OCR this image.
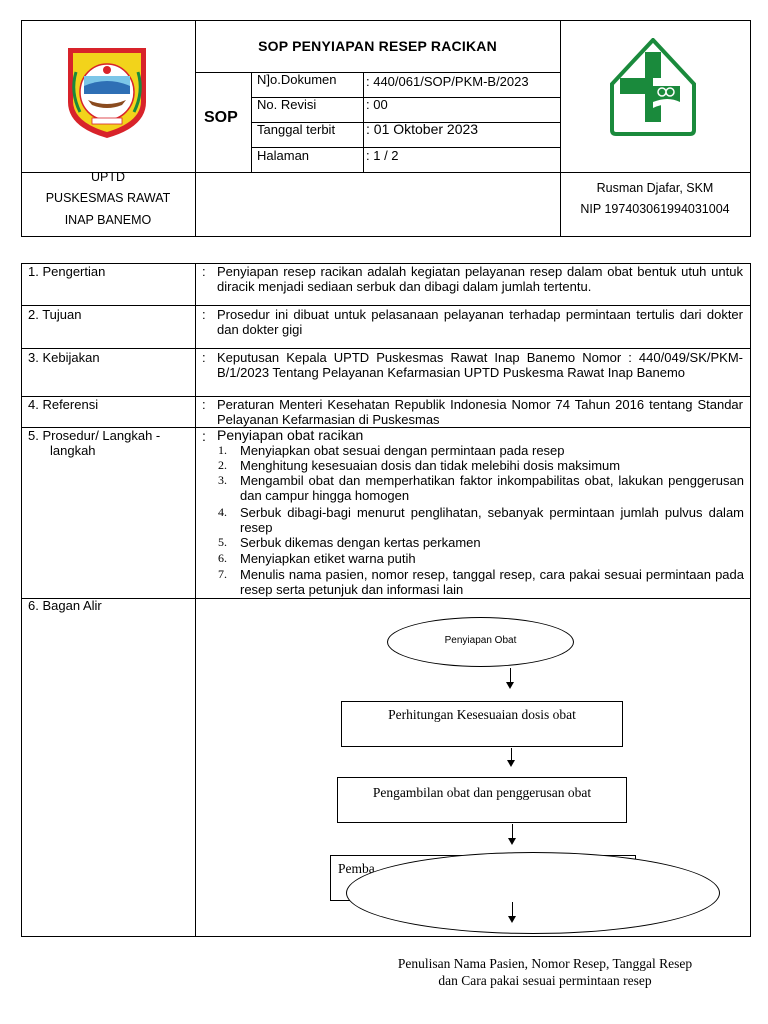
SOP PENYIAPAN RESEP RACIKAN
SOP
N]o.Dokumen : 440/061/SOP/PKM-B/2023
No. Revisi	: 00
Tanggal terbit : 01 Oktober 2023
Halaman	: 1 / 2
UPTD
PUSKESMAS RAWAT
INAP BANEMO
Rusman Djafar, SKM
NIP 197403061994031004
1. Pengertian	: Penyiapan resep racikan adalah kegiatan pelayanan resep dalam obat bentuk utuh untuk diracik menjadi sediaan serbuk dan dibagi dalam jumlah tertentu.
2. Tujuan	: Prosedur ini dibuat untuk pelasanaan pelayanan terhadap permintaan tertulis dari dokter dan dokter gigi
3. Kebijakan	: Keputusan Kepala UPTD Puskesmas Rawat Inap Banemo Nomor : 440/049/SK/PKM-B/1/2023 Tentang Pelayanan Kefarmasian UPTD Puskesma Rawat Inap Banemo
4. Referensi	: Peraturan Menteri Kesehatan Republik Indonesia Nomor 74 Tahun 2016 tentang Standar Pelayanan Kefarmasian di Puskesmas
5. Prosedur/ Langkah -
langkah
: Penyiapan obat racikan
1. Menyiapkan obat sesuai dengan permintaan pada resep
2. Menghitung kesesuaian dosis dan tidak melebihi dosis maksimum
3. Mengambil obat dan memperhatikan faktor inkompabilitas obat, lakukan penggerusan dan campur hingga homogen
4. Serbuk dibagi-bagi menurut penglihatan, sebanyak permintaan jumlah pulvus dalam resep
5. Serbuk dikemas dengan kertas perkamen
6. Menyiapkan etiket warna putih
7. Menulis nama pasien, nomor resep, tanggal resep, cara pakai sesuai permintaan pada resep serta petunjuk dan informasi lain
6. Bagan Alir
Penyiapan Obat
Perhitungan Kesesuaian dosis obat
Pengambilan obat dan penggerusan obat
Pemba
Penulisan Nama Pasien, Nomor Resep, Tanggal Resep
dan Cara pakai sesuai permintaan resep
